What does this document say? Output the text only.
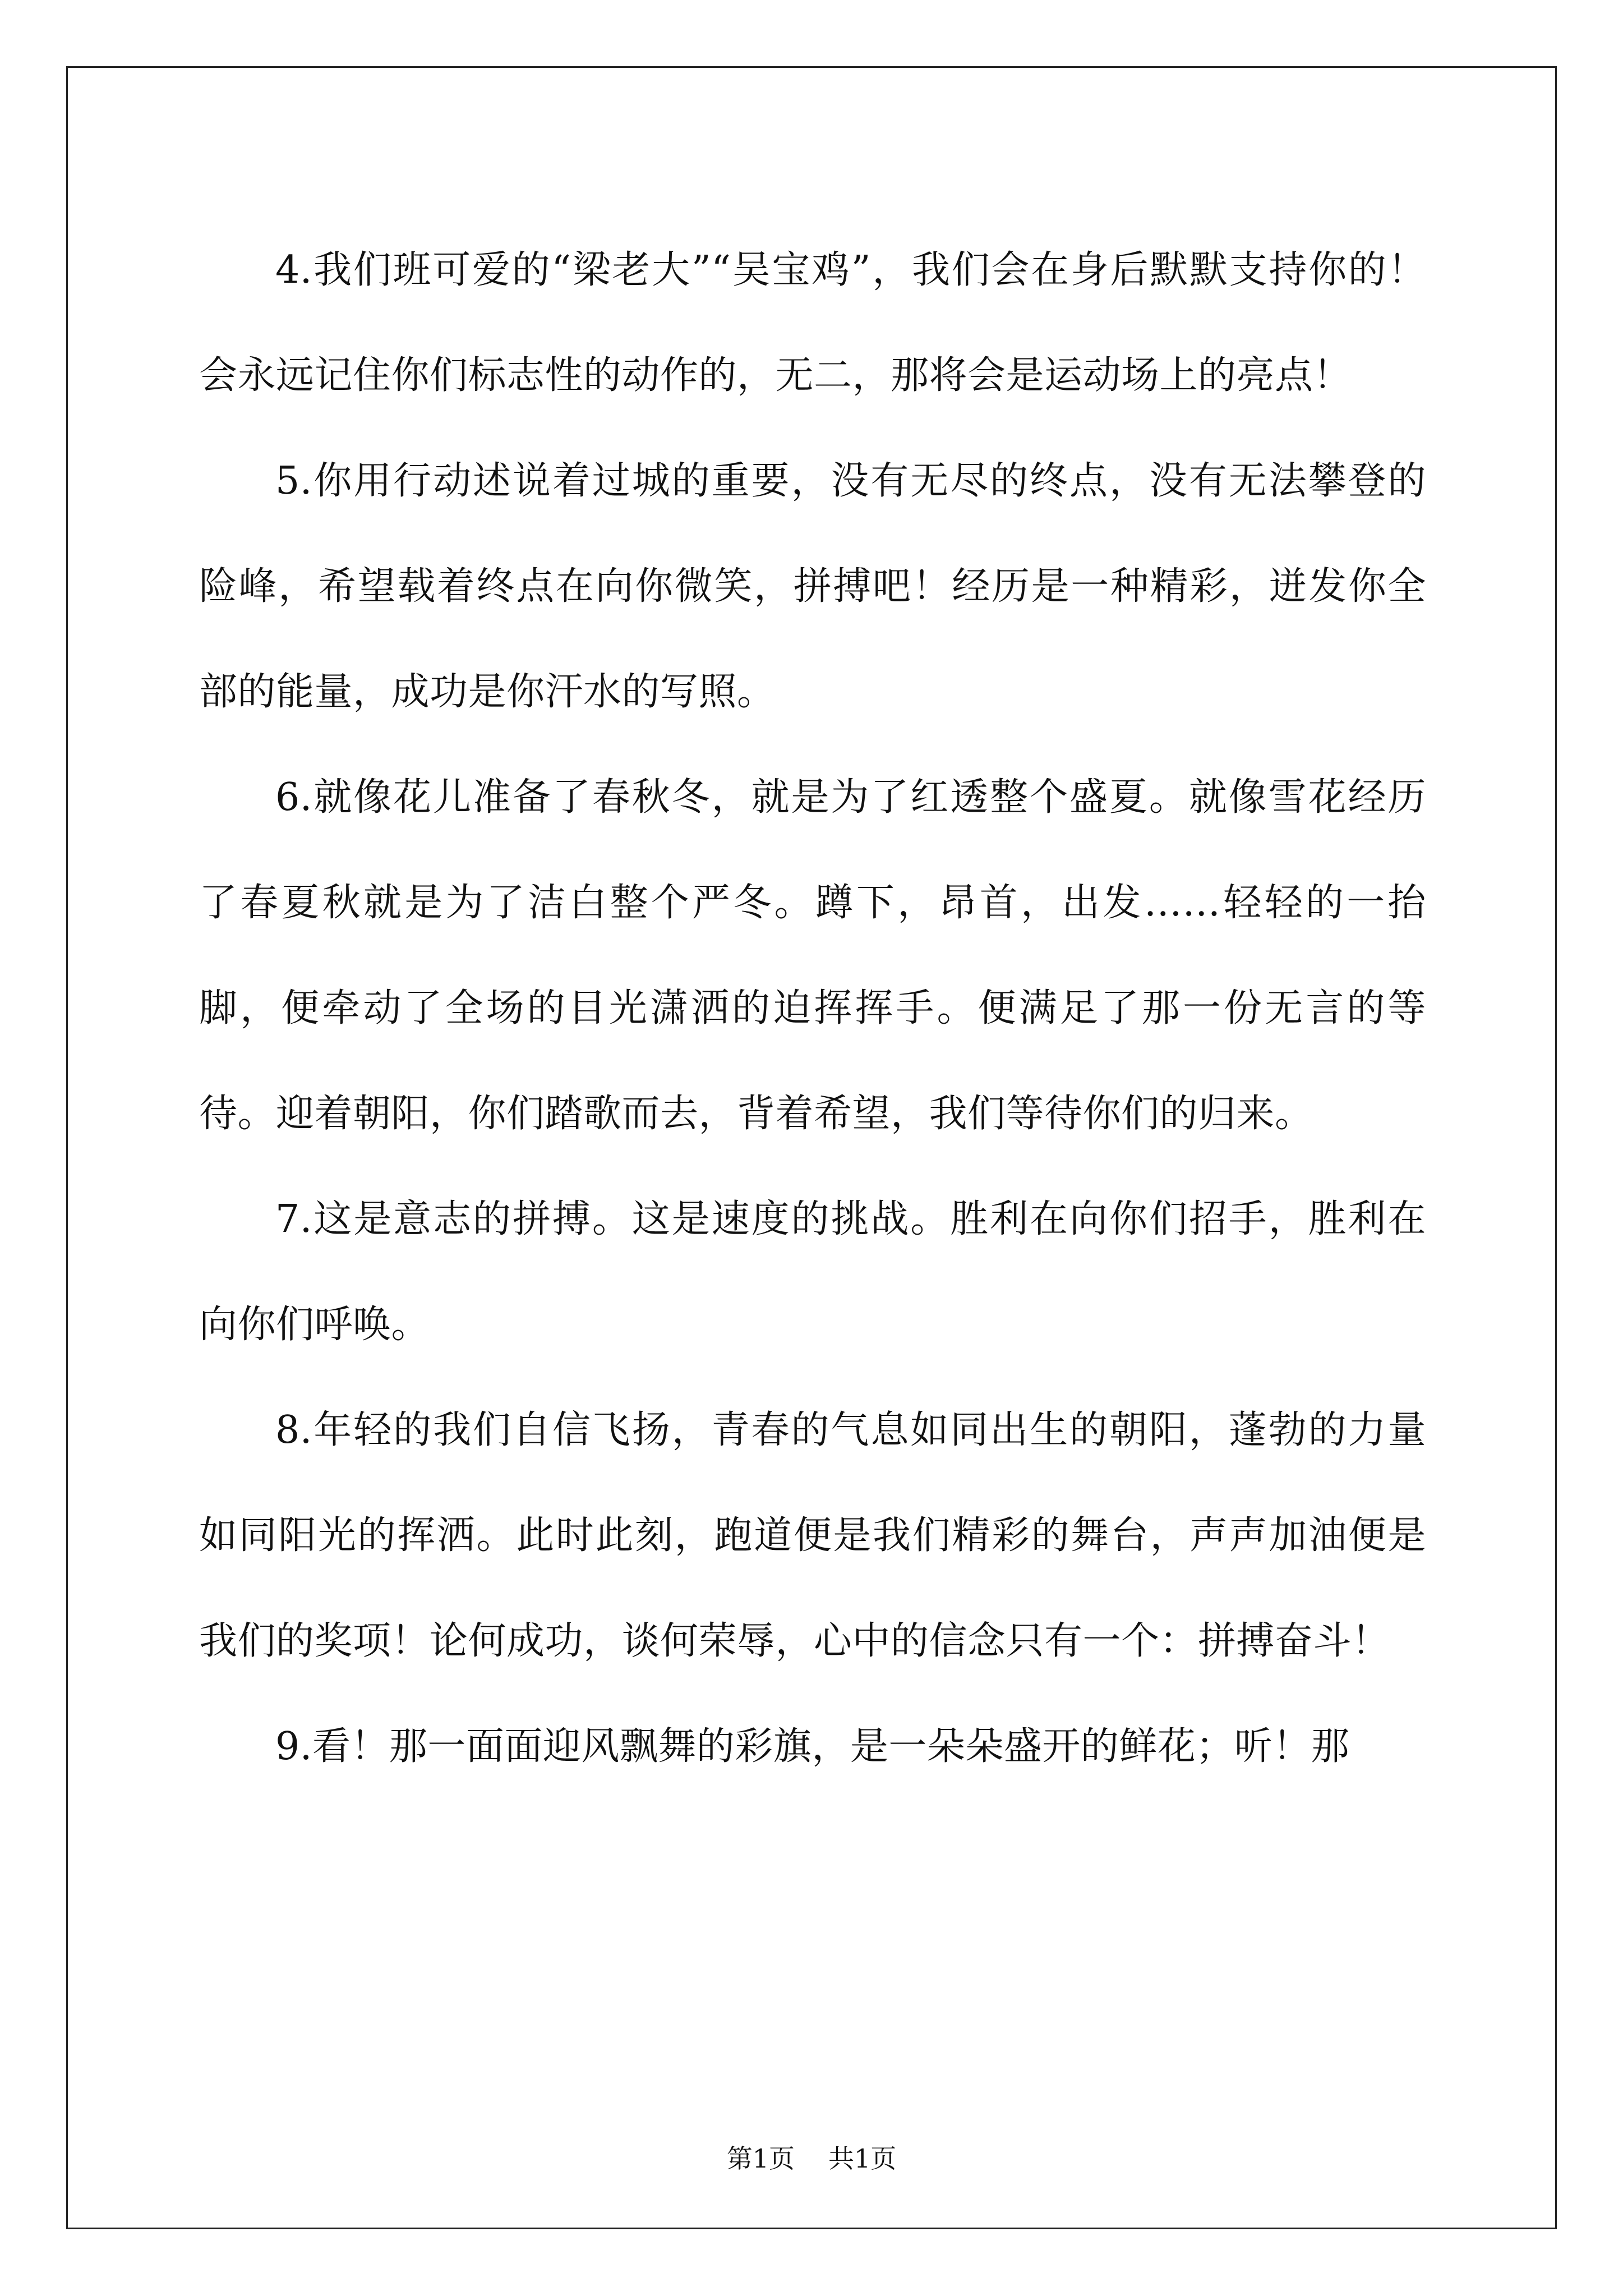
4.我们班可爱的“梁老大”“吴宝鸡”，我们会在身后默默支持你的！会永远记住你们标志性的动作的，无二，那将会是运动场上的亮点！

5.你用行动述说着过城的重要，没有无尽的终点，没有无法攀登的险峰，希望载着终点在向你微笑，拼搏吧！经历是一种精彩，迸发你全部的能量，成功是你汗水的写照。

6.就像花儿准备了春秋冬，就是为了红透整个盛夏。就像雪花经历了春夏秋就是为了洁白整个严冬。蹲下，昂首，出发……轻轻的一抬脚，便牵动了全场的目光潇洒的迫挥挥手。便满足了那一份无言的等待。迎着朝阳，你们踏歌而去，背着希望，我们等待你们的归来。

7.这是意志的拼搏。这是速度的挑战。胜利在向你们招手，胜利在向你们呼唤。

8.年轻的我们自信飞扬，青春的气息如同出生的朝阳，蓬勃的力量如同阳光的挥洒。此时此刻，跑道便是我们精彩的舞台，声声加油便是我们的奖项！论何成功，谈何荣辱，心中的信念只有一个：拼搏奋斗！

9.看！那一面面迎风飘舞的彩旗，是一朵朵盛开的鲜花；听！那

第1页 共1页
